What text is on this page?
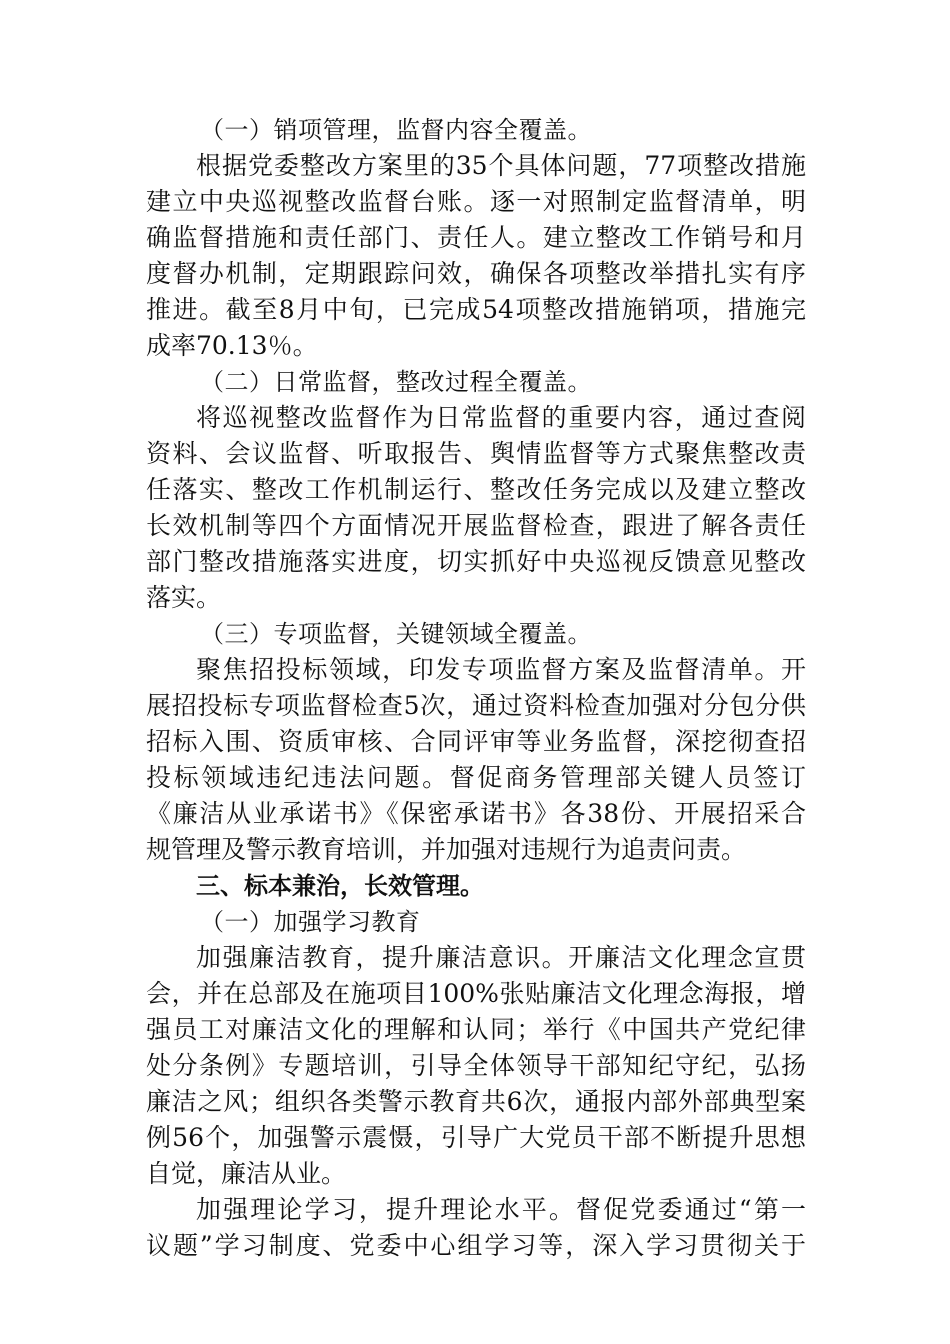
（一）销项管理，监督内容全覆盖。

根据党委整改方案里的35个具体问题，77项整改措施

建立中央巡视整改监督台账。逐一对照制定监督清单，明

确监督措施和责任部门、责任人。建立整改工作销号和月

度督办机制，定期跟踪问效，确保各项整改举措扎实有序

推进。截至8月中旬，已完成54项整改措施销项，措施完

成率70.13％。

（二）日常监督，整改过程全覆盖。

将巡视整改监督作为日常监督的重要内容，通过查阅

资料、会议监督、听取报告、舆情监督等方式聚焦整改责

任落实、整改工作机制运行、整改任务完成以及建立整改

长效机制等四个方面情况开展监督检查，跟进了解各责任

部门整改措施落实进度，切实抓好中央巡视反馈意见整改

落实。

（三）专项监督，关键领域全覆盖。

聚焦招投标领域，印发专项监督方案及监督清单。开

展招投标专项监督检查5次，通过资料检查加强对分包分供

招标入围、资质审核、合同评审等业务监督，深挖彻查招

投标领域违纪违法问题。督促商务管理部关键人员签订

《廉洁从业承诺书》《保密承诺书》各38份、开展招采合

规管理及警示教育培训，并加强对违规行为追责问责。

三、标本兼治，长效管理。

（一）加强学习教育

加强廉洁教育，提升廉洁意识。开廉洁文化理念宣贯

会，并在总部及在施项目100%张贴廉洁文化理念海报，增

强员工对廉洁文化的理解和认同；举行《中国共产党纪律

处分条例》专题培训，引导全体领导干部知纪守纪，弘扬

廉洁之风；组织各类警示教育共6次，通报内部外部典型案

例56个，加强警示震慑，引导广大党员干部不断提升思想

自觉，廉洁从业。

加强理论学习，提升理论水平。督促党委通过“第一

议题”学习制度、党委中心组学习等，深入学习贯彻关于
